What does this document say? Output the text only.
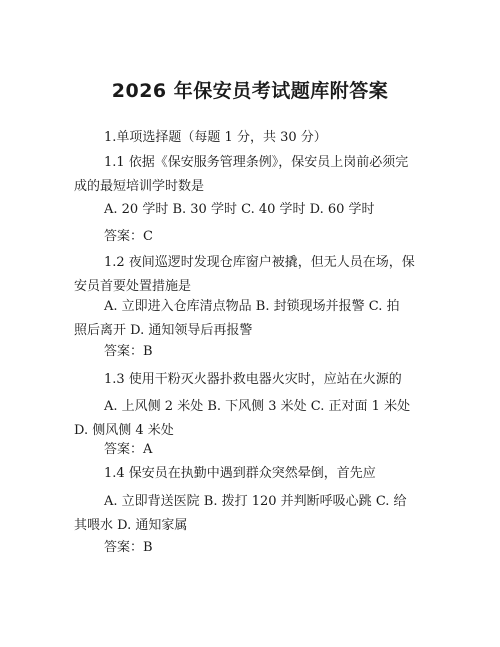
2026 年保安员考试题库附答案
1.单项选择题（每题 1 分，共 30 分）
1.1 依据《保安服务管理条例》，保安员上岗前必须完
成的最短培训学时数是
A. 20 学时 B. 30 学时 C. 40 学时 D. 60 学时
答案：C
1.2 夜间巡逻时发现仓库窗户被撬，但无人员在场，保
安员首要处置措施是
A. 立即进入仓库清点物品 B. 封锁现场并报警 C. 拍
照后离开 D. 通知领导后再报警
答案：B
1.3 使用干粉灭火器扑救电器火灾时，应站在火源的
A. 上风侧 2 米处 B. 下风侧 3 米处 C. 正对面 1 米处
D. 侧风侧 4 米处
答案：A
1.4 保安员在执勤中遇到群众突然晕倒，首先应
A. 立即背送医院 B. 拨打 120 并判断呼吸心跳 C. 给
其喂水 D. 通知家属
答案：B
